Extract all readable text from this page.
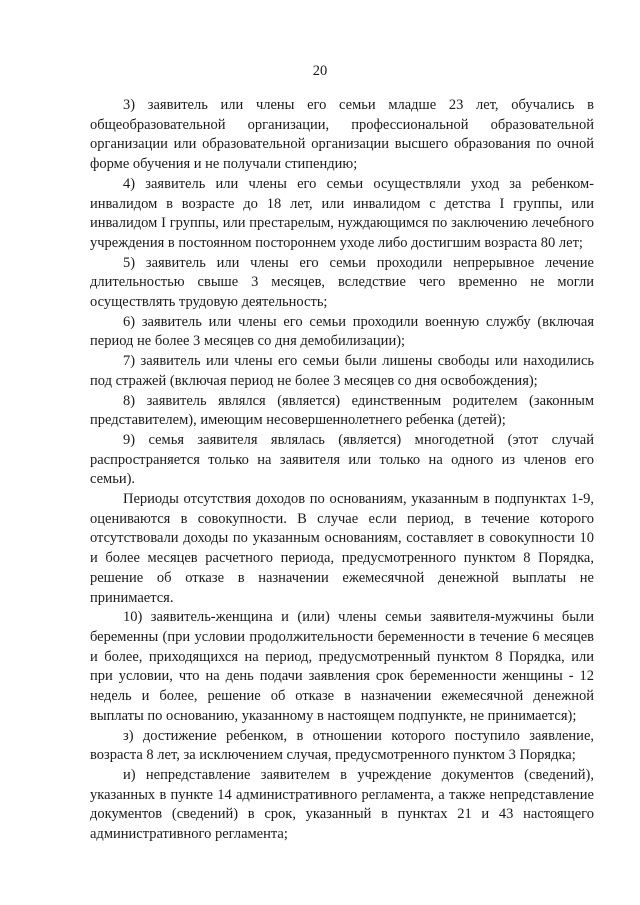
20

3) заявитель или члены его семьи младше 23 лет, обучались в общеобразовательной организации, профессиональной образовательной организации или образовательной организации высшего образования по очной форме обучения и не получали стипендию;

4) заявитель или члены его семьи осуществляли уход за ребенком-инвалидом в возрасте до 18 лет, или инвалидом с детства I группы, или инвалидом I группы, или престарелым, нуждающимся по заключению лечебного учреждения в постоянном постороннем уходе либо достигшим возраста 80 лет;

5) заявитель или члены его семьи проходили непрерывное лечение длительностью свыше 3 месяцев, вследствие чего временно не могли осуществлять трудовую деятельность;

6) заявитель или члены его семьи проходили военную службу (включая период не более 3 месяцев со дня демобилизации);

7) заявитель или члены его семьи были лишены свободы или находились под стражей (включая период не более 3 месяцев со дня освобождения);

8) заявитель являлся (является) единственным родителем (законным представителем), имеющим несовершеннолетнего ребенка (детей);

9) семья заявителя являлась (является) многодетной (этот случай распространяется только на заявителя или только на одного из членов его семьи).

Периоды отсутствия доходов по основаниям, указанным в подпунктах 1-9, оцениваются в совокупности. В случае если период, в течение которого отсутствовали доходы по указанным основаниям, составляет в совокупности 10 и более месяцев расчетного периода, предусмотренного пунктом 8 Порядка, решение об отказе в назначении ежемесячной денежной выплаты не принимается.

10) заявитель-женщина и (или) члены семьи заявителя-мужчины были беременны (при условии продолжительности беременности в течение 6 месяцев и более, приходящихся на период, предусмотренный пунктом 8 Порядка, или при условии, что на день подачи заявления срок беременности женщины - 12 недель и более, решение об отказе в назначении ежемесячной денежной выплаты по основанию, указанному в настоящем подпункте, не принимается);

з) достижение ребенком, в отношении которого поступило заявление, возраста 8 лет, за исключением случая, предусмотренного пунктом 3 Порядка;

и) непредставление заявителем в учреждение документов (сведений), указанных в пункте 14 административного регламента, а также непредставление документов (сведений) в срок, указанный в пунктах 21 и 43 настоящего административного регламента;
